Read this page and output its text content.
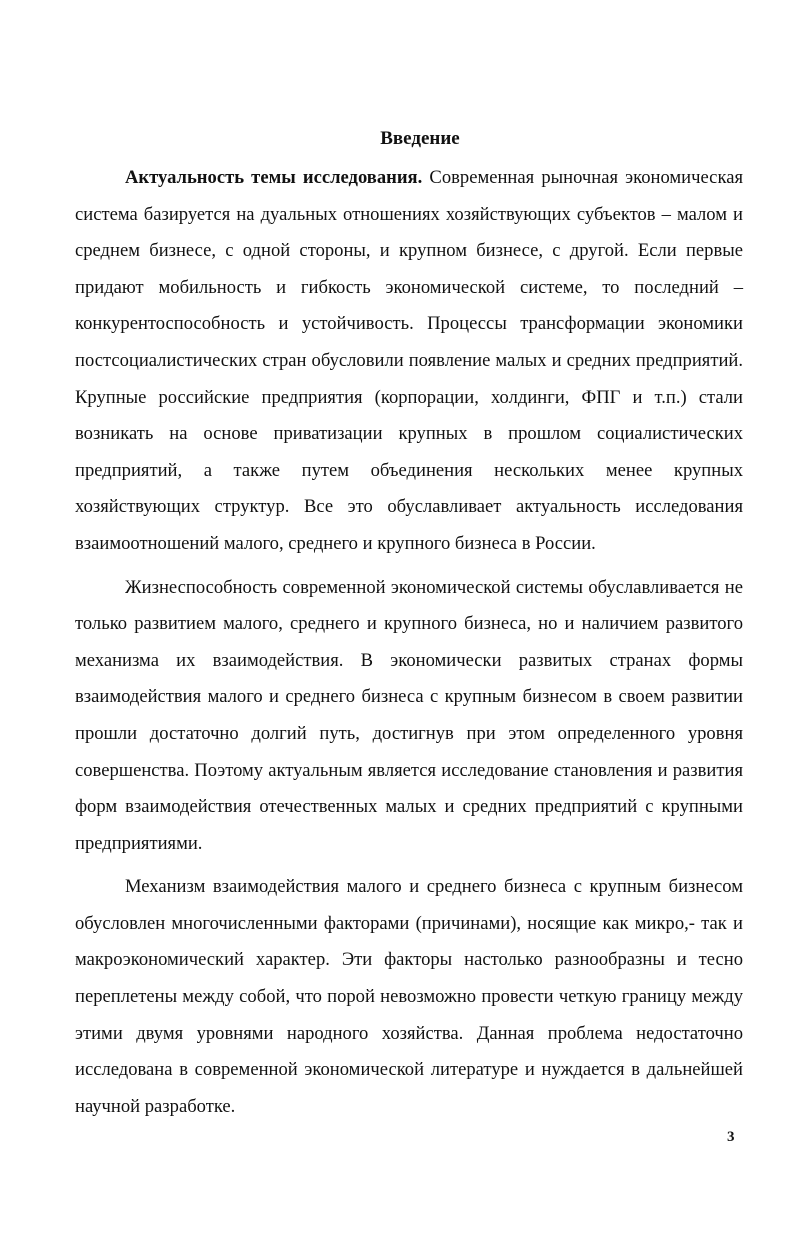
Введение

Актуальность темы исследования. Современная рыночная экономическая система базируется на дуальных отношениях хозяйствующих субъектов – малом и среднем бизнесе, с одной стороны, и крупном бизнесе, с другой. Если первые придают мобильность и гибкость экономической системе, то последний – конкурентоспособность и устойчивость. Процессы трансформации экономики постсоциалистических стран обусловили появление малых и средних предприятий. Крупные российские предприятия (корпорации, холдинги, ФПГ и т.п.) стали возникать на основе приватизации крупных в прошлом социалистических предприятий, а также путем объединения нескольких менее крупных хозяйствующих структур. Все это обуславливает актуальность исследования взаимоотношений малого, среднего и крупного бизнеса в России.

Жизнеспособность современной экономической системы обуславливается не только развитием малого, среднего и крупного бизнеса, но и наличием развитого механизма их взаимодействия. В экономически развитых странах формы взаимодействия малого и среднего бизнеса с крупным бизнесом в своем развитии прошли достаточно долгий путь, достигнув при этом определенного уровня совершенства. Поэтому актуальным является исследование становления и развития форм взаимодействия отечественных малых и средних предприятий с крупными предприятиями.

Механизм взаимодействия малого и среднего бизнеса с крупным бизнесом обусловлен многочисленными факторами (причинами), носящие как микро,- так и макроэкономический характер. Эти факторы настолько разнообразны и тесно переплетены между собой, что порой невозможно провести четкую границу между этими двумя уровнями народного хозяйства. Данная проблема недостаточно исследована в современной экономической литературе и нуждается в дальнейшей научной разработке.

3
